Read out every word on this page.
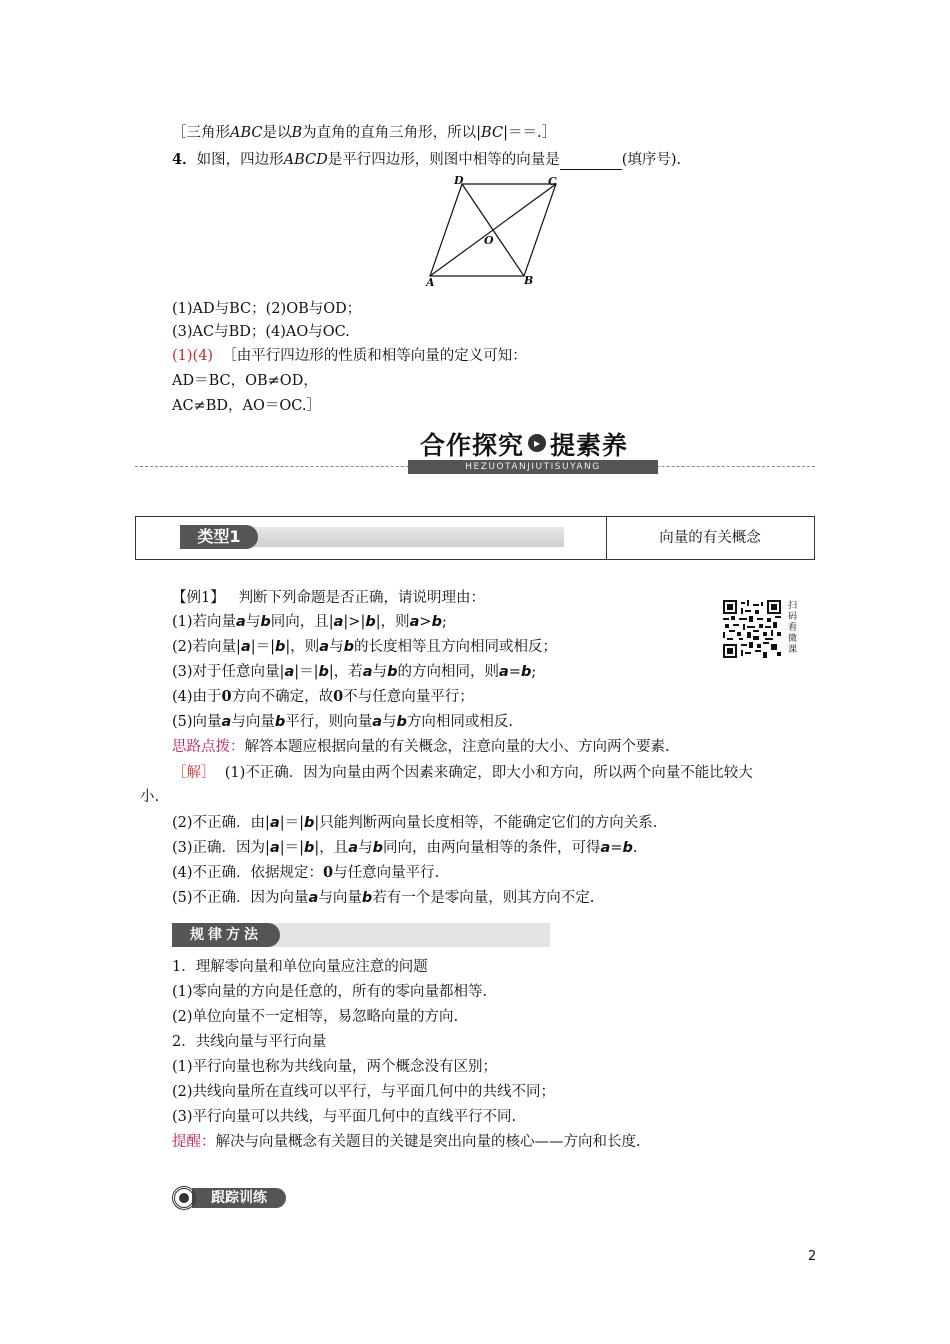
［三角形ABC是以B为直角的直角三角形，所以|BC|＝＝.］
4．如图，四边形ABCD是平行四边形，则图中相等的向量是	(填序号).
D	C
O
A	B
(1)AD与BC；(2)OB与OD；
(3)AC与BD；(4)AO与OC.
(1)(4) ［由平行四边形的性质和相等向量的定义可知：
AD＝BC，OB≠OD，
AC≠BD，AO＝OC.］
合作探究 ▸ 提素养
HEZUOTANJIUTISUYANG
类型1	向量的有关概念
【例1】 判断下列命题是否正确，请说明理由：
(1)若向量a与b同向，且|a|>|b|，则a>b;
(2)若向量|a|＝|b|，则a与b的长度相等且方向相同或相反；
(3)对于任意向量|a|＝|b|，若a与b的方向相同，则a=b;
(4)由于0方向不确定，故0不与任意向量平行；
(5)向量a与向量b平行，则向量a与b方向相同或相反.
思路点拨：解答本题应根据向量的有关概念，注意向量的大小、方向两个要素.
扫码看微课
［解］ (1)不正确．因为向量由两个因素来确定，即大小和方向，所以两个向量不能比较大
小.
(2)不正确．由|a|＝|b|只能判断两向量长度相等，不能确定它们的方向关系.
(3)正确．因为|a|＝|b|，且a与b同向，由两向量相等的条件，可得a=b.
(4)不正确．依据规定：0与任意向量平行.
(5)不正确．因为向量a与向量b若有一个是零向量，则其方向不定.
规律方法
1．理解零向量和单位向量应注意的问题
(1)零向量的方向是任意的，所有的零向量都相等.
(2)单位向量不一定相等，易忽略向量的方向.
2．共线向量与平行向量
(1)平行向量也称为共线向量，两个概念没有区别；
(2)共线向量所在直线可以平行，与平面几何中的共线不同；
(3)平行向量可以共线，与平面几何中的直线平行不同.
提醒：解决与向量概念有关题目的关键是突出向量的核心——方向和长度.
跟踪训练
2
